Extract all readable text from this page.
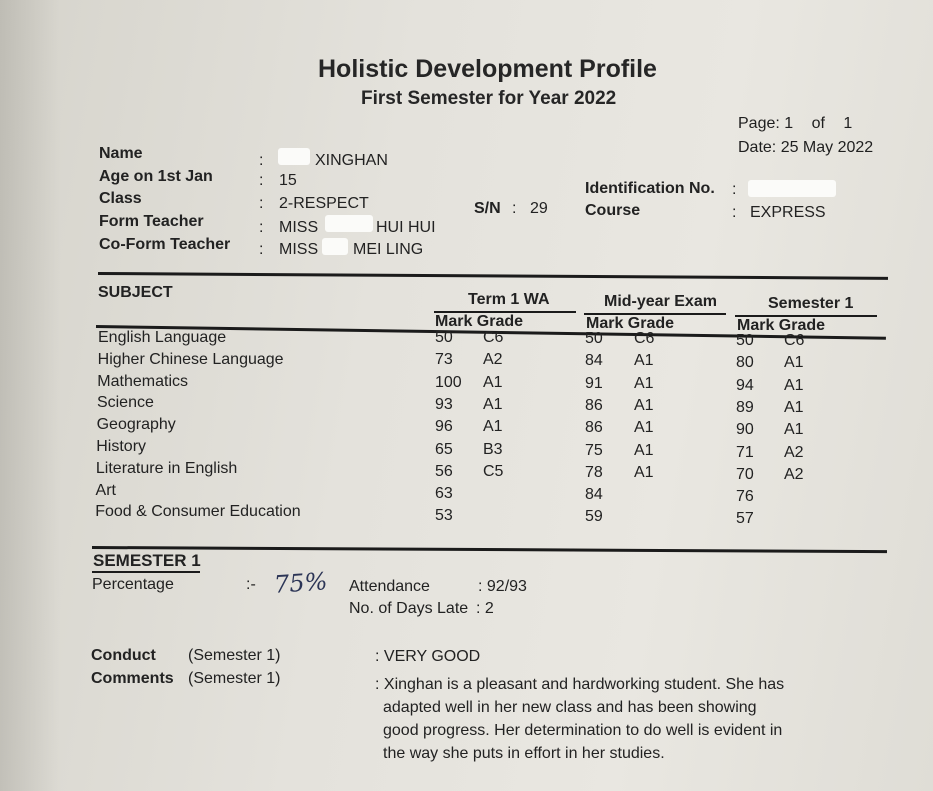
Holistic Development Profile
First Semester for Year 2022
Page: 1 of 1
Date: 25 May 2022
Name	:	XINGHAN
Age on 1st Jan	: 15
Class	: 2-RESPECT	S/N : 29
Form Teacher	: MISS	HUI HUI
Co-Form Teacher : MISS MEI LING
Identification No. :
Course	: EXPRESS
SUBJECT	Term 1 WA	Mid-year Exam	Semester 1
Mark Grade	Mark Grade	Mark Grade
English Language	50 C6	50 C6	50 C6
Higher Chinese Language	73 A2	84 A1	80 A1
Mathematics	100 A1	91 A1	94 A1
Science	93 A1	86 A1	89 A1
Geography	96 A1	86 A1	90 A1
History	65 B3	75 A1	71 A2
Literature in English	56 C5	78 A1	70 A2
Art	63	84	76
Food & Consumer Education	53	59	57
SEMESTER 1
Percentage	:- 75% Attendance	: 92/93
No. of Days Late : 2
Conduct (Semester 1)	: VERY GOOD
Comments (Semester 1)	: Xinghan is a pleasant and hardworking student. She has
adapted well in her new class and has been showing
good progress. Her determination to do well is evident in
the way she puts in effort in her studies.
